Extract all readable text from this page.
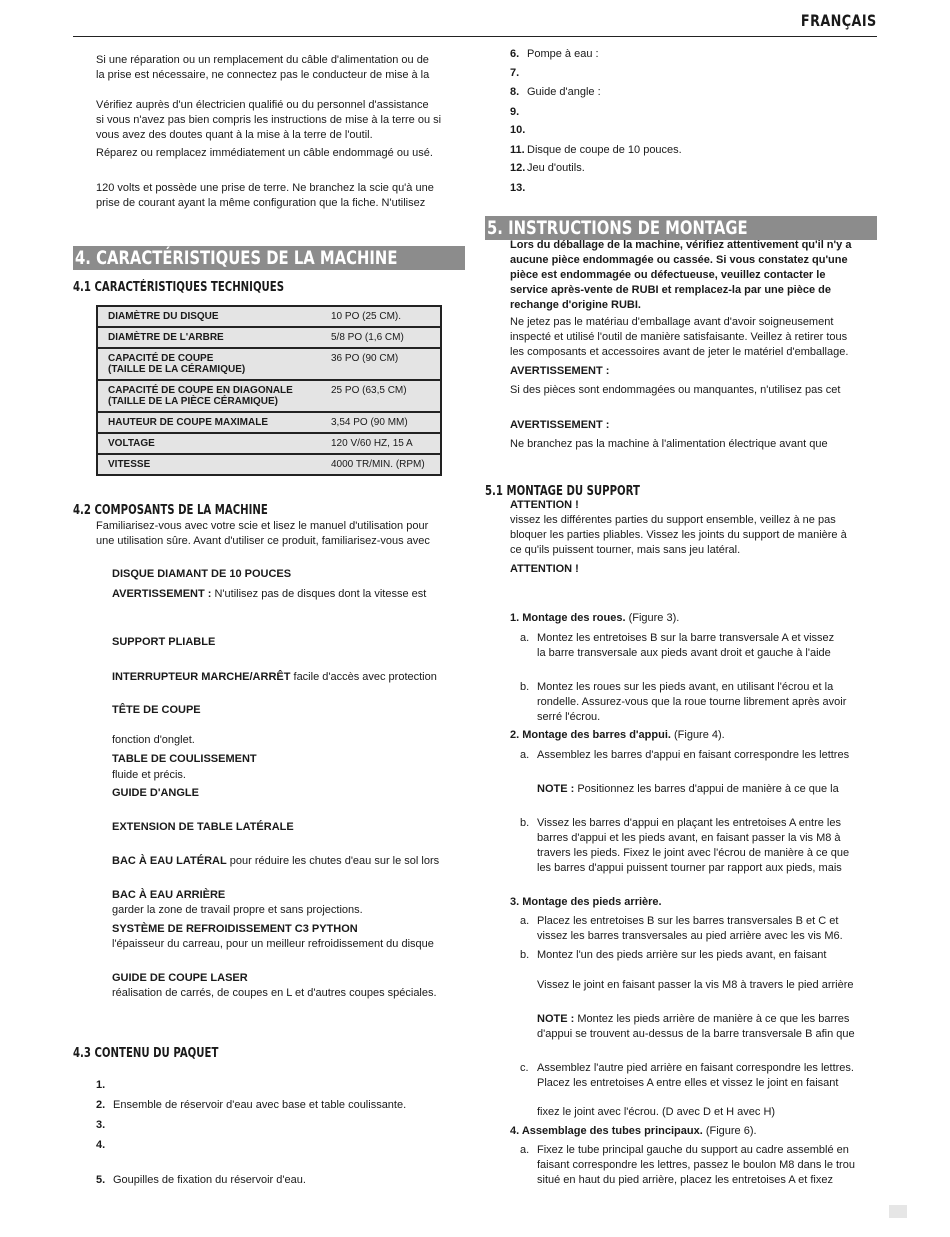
FRANÇAIS
Si une réparation ou un remplacement du câble d'alimentation ou de
la prise est nécessaire, ne connectez pas le conducteur de mise à la
Vérifiez auprès d'un électricien qualifié ou du personnel d'assistance
si vous n'avez pas bien compris les instructions de mise à la terre ou si
vous avez des doutes quant à la mise à la terre de l'outil.
Réparez ou remplacez immédiatement un câble endommagé ou usé.
120 volts et possède une prise de terre. Ne branchez la scie qu'à une
prise de courant ayant la même configuration que la fiche. N'utilisez
4. CARACTÉRISTIQUES DE LA MACHINE
4.1 CARACTÉRISTIQUES TECHNIQUES
DIAMÈTRE DU DISQUE	10 PO (25 CM).
DIAMÈTRE DE L'ARBRE	5/8 PO (1,6 CM)
CAPACITÉ DE COUPE
(TAILLE DE LA CÉRAMIQUE)	36 PO (90 CM)
CAPACITÉ DE COUPE EN DIAGONALE
(TAILLE DE LA PIÈCE CÉRAMIQUE)	25 PO (63,5 CM)
HAUTEUR DE COUPE MAXIMALE	3,54 PO (90 MM)
VOLTAGE	120 V/60 HZ, 15 A
VITESSE	4000 TR/MIN. (RPM)
4.2 COMPOSANTS DE LA MACHINE
Familiarisez-vous avec votre scie et lisez le manuel d'utilisation pour
une utilisation sûre. Avant d'utiliser ce produit, familiarisez-vous avec
DISQUE DIAMANT DE 10 POUCES
AVERTISSEMENT : N'utilisez pas de disques dont la vitesse est
SUPPORT PLIABLE
INTERRUPTEUR MARCHE/ARRÊT facile d'accès avec protection
TÊTE DE COUPE
fonction d'onglet.
TABLE DE COULISSEMENT
fluide et précis.
GUIDE D'ANGLE
EXTENSION DE TABLE LATÉRALE
BAC À EAU LATÉRAL pour réduire les chutes d'eau sur le sol lors
BAC À EAU ARRIÈRE
garder la zone de travail propre et sans projections.
SYSTÈME DE REFROIDISSEMENT C3 PYTHON
l'épaisseur du carreau, pour un meilleur refroidissement du disque
GUIDE DE COUPE LASER
réalisation de carrés, de coupes en L et d'autres coupes spéciales.
4.3 CONTENU DU PAQUET
1.
2. Ensemble de réservoir d'eau avec base et table coulissante.
3.
4.
5. Goupilles de fixation du réservoir d'eau.
6. Pompe à eau :
7.
8. Guide d'angle :
9.
10.
11. Disque de coupe de 10 pouces.
12. Jeu d'outils.
13.
5. INSTRUCTIONS DE MONTAGE
Lors du déballage de la machine, vérifiez attentivement qu'il n'y a
aucune pièce endommagée ou cassée. Si vous constatez qu'une
pièce est endommagée ou défectueuse, veuillez contacter le
service après-vente de RUBI et remplacez-la par une pièce de
rechange d'origine RUBI.
Ne jetez pas le matériau d'emballage avant d'avoir soigneusement
inspecté et utilisé l'outil de manière satisfaisante. Veillez à retirer tous
les composants et accessoires avant de jeter le matériel d'emballage.
AVERTISSEMENT :
Si des pièces sont endommagées ou manquantes, n'utilisez pas cet
AVERTISSEMENT :
Ne branchez pas la machine à l'alimentation électrique avant que
5.1 MONTAGE DU SUPPORT
ATTENTION !
vissez les différentes parties du support ensemble, veillez à ne pas
bloquer les parties pliables. Vissez les joints du support de manière à
ce qu'ils puissent tourner, mais sans jeu latéral.
ATTENTION !
1. Montage des roues. (Figure 3).
a. Montez les entretoises B sur la barre transversale A et vissez
la barre transversale aux pieds avant droit et gauche à l'aide
b. Montez les roues sur les pieds avant, en utilisant l'écrou et la
rondelle. Assurez-vous que la roue tourne librement après avoir
serré l'écrou.
2. Montage des barres d'appui. (Figure 4).
a. Assemblez les barres d'appui en faisant correspondre les lettres
NOTE : Positionnez les barres d'appui de manière à ce que la
b. Vissez les barres d'appui en plaçant les entretoises A entre les
barres d'appui et les pieds avant, en faisant passer la vis M8 à
travers les pieds. Fixez le joint avec l'écrou de manière à ce que
les barres d'appui puissent tourner par rapport aux pieds, mais
3. Montage des pieds arrière.
a. Placez les entretoises B sur les barres transversales B et C et
vissez les barres transversales au pied arrière avec les vis M6.
b. Montez l'un des pieds arrière sur les pieds avant, en faisant
Vissez le joint en faisant passer la vis M8 à travers le pied arrière
NOTE : Montez les pieds arrière de manière à ce que les barres
d'appui se trouvent au-dessus de la barre transversale B afin que
c. Assemblez l'autre pied arrière en faisant correspondre les lettres.
Placez les entretoises A entre elles et vissez le joint en faisant
fixez le joint avec l'écrou. (D avec D et H avec H)
4. Assemblage des tubes principaux. (Figure 6).
a. Fixez le tube principal gauche du support au cadre assemblé en
faisant correspondre les lettres, passez le boulon M8 dans le trou
situé en haut du pied arrière, placez les entretoises A et fixez
